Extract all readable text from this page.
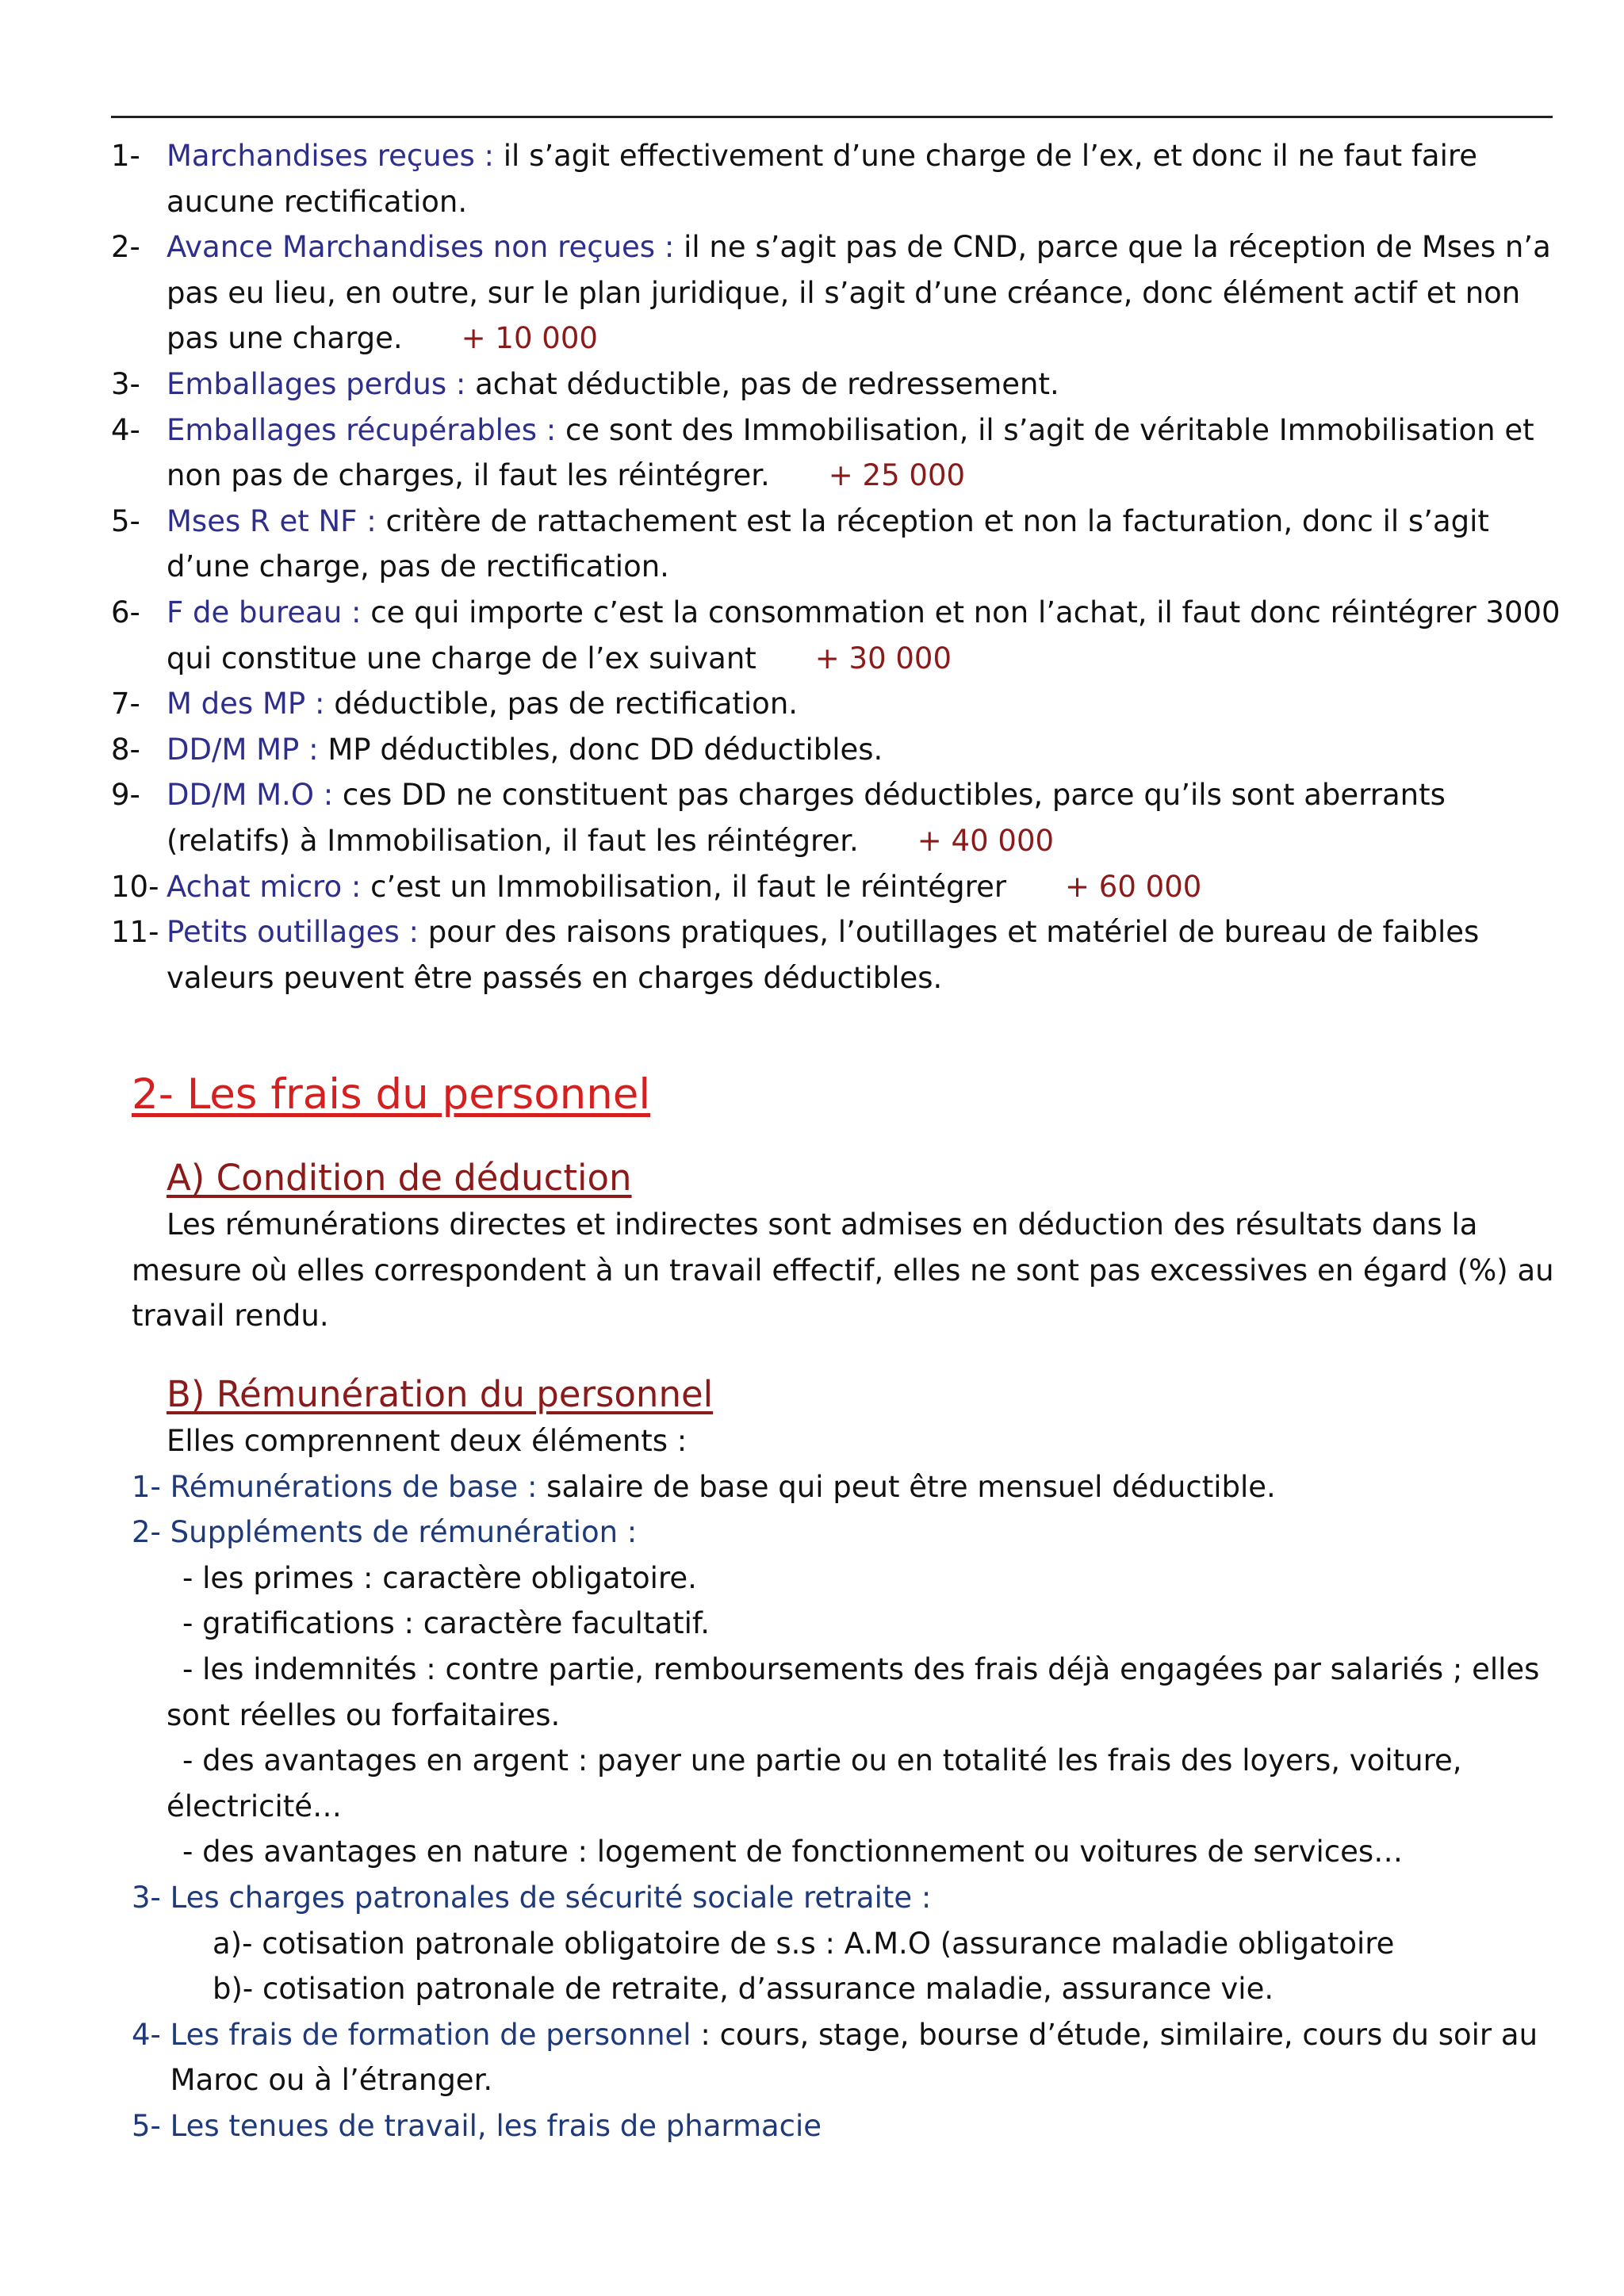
1- Marchandises reçues : il s’agit effectivement d’une charge de l’ex, et donc il ne faut faire aucune rectification.
2- Avance Marchandises non reçues : il ne s’agit pas de CND, parce que la réception de Mses n’a pas eu lieu, en outre, sur le plan juridique, il s’agit d’une créance, donc élément actif et non pas une charge.   + 10 000
3- Emballages perdus : achat déductible, pas de redressement.
4- Emballages récupérables : ce sont des Immobilisation, il s’agit de véritable Immobilisation et non pas de charges, il faut les réintégrer.   + 25 000
5- Mses R et NF : critère de rattachement est la réception et non la facturation, donc il s’agit d’une charge, pas de rectification.
6- F de bureau : ce qui importe c’est la consommation et non l’achat, il faut donc réintégrer 3000 qui constitue une charge de l’ex suivant   + 30 000
7- M des MP : déductible, pas de rectification.
8- DD/M MP : MP déductibles, donc DD déductibles.
9- DD/M M.O : ces DD ne constituent pas charges déductibles, parce qu’ils sont aberrants (relatifs) à Immobilisation, il faut les réintégrer.   + 40 000
10- Achat micro : c’est un Immobilisation, il faut le réintégrer   + 60 000
11- Petits outillages : pour des raisons pratiques, l’outillages et matériel de bureau de faibles valeurs peuvent être passés en charges déductibles.
2- Les frais du personnel
A) Condition de déduction
Les rémunérations directes et indirectes sont admises en déduction des résultats dans la mesure où elles correspondent à un travail effectif, elles ne sont pas excessives en égard (%) au travail rendu.
B) Rémunération du personnel
Elles comprennent deux éléments :
1- Rémunérations de base : salaire de base qui peut être mensuel déductible.
2- Suppléments de rémunération :
- les primes : caractère obligatoire.
- gratifications : caractère facultatif.
- les indemnités : contre partie, remboursements des frais déjà engagées par salariés ; elles sont réelles ou forfaitaires.
- des avantages en argent : payer une partie ou en totalité les frais des loyers, voiture, électricité…
- des avantages en nature : logement de fonctionnement ou voitures de services…
3- Les charges patronales de sécurité sociale retraite :
a)- cotisation patronale obligatoire de s.s : A.M.O (assurance maladie obligatoire
b)- cotisation patronale de retraite, d’assurance maladie, assurance vie.
4- Les frais de formation de personnel : cours, stage, bourse d’étude, similaire, cours du soir au Maroc ou à l’étranger.
5- Les tenues de travail, les frais de pharmacie
